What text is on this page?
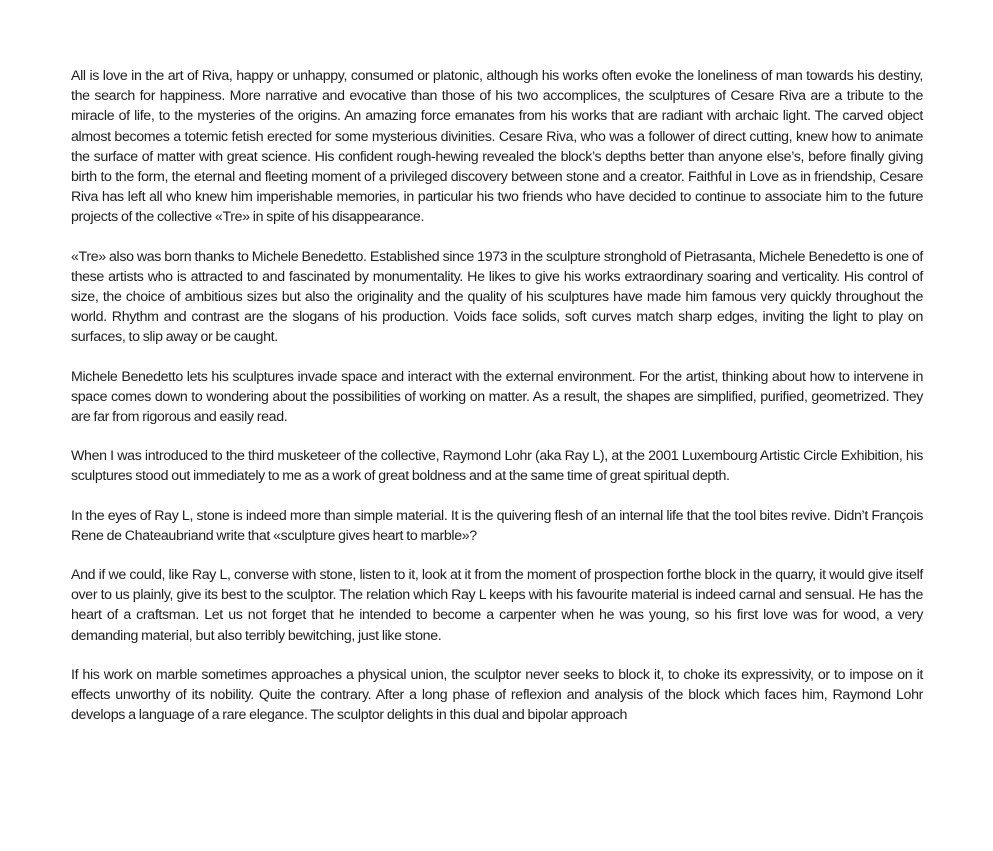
All is love in the art of Riva, happy or unhappy, consumed or platonic, although his works often evoke the loneliness of man towards his destiny, the search for happiness. More narrative and evocative than those of his two accomplices, the sculptures of Cesare Riva are a tribute to the miracle of life, to the mysteries of the origins. An amazing force emanates from his works that are radiant with archaic light. The carved object almost becomes a totemic fetish erected for some mysterious divinities. Cesare Riva, who was a follower of direct cutting, knew how to animate the surface of matter with great science. His confident rough-hewing revealed the block’s depths better than anyone else’s, before finally giving birth to the form, the eternal and fleeting moment of a privileged discovery between stone and a creator. Faithful in Love as in friendship, Cesare Riva has left all who knew him imperishable memories, in particular his two friends who have decided to continue to associate him to the future projects of the collective «Tre» in spite of his disappearance.

«Tre» also was born thanks to Michele Benedetto. Established since 1973 in the sculpture stronghold of Pietrasanta, Michele Benedetto is one of these artists who is attracted to and fascinated by monumentality. He likes to give his works extraordinary soaring and verticality. His control of size, the choice of ambitious sizes but also the originality and the quality of his sculptures have made him famous very quickly throughout the world. Rhythm and contrast are the slogans of his production. Voids face solids, soft curves match sharp edges, inviting the light to play on surfaces, to slip away or be caught.

Michele Benedetto lets his sculptures invade space and interact with the external environment. For the artist, thinking about how to intervene in space comes down to wondering about the possibilities of working on matter. As a result, the shapes are simplified, purified, geometrized. They are far from rigorous and easily read.

When I was introduced to the third musketeer of the collective, Raymond Lohr (aka Ray L), at the 2001 Luxembourg Artistic Circle Exhibition, his sculptures stood out immediately to me as a work of great boldness and at the same time of great spiritual depth.

In the eyes of Ray L, stone is indeed more than simple material. It is the quivering flesh of an internal life that the tool bites revive. Didn’t François Rene de Chateaubriand write that «sculpture gives heart to marble»?

And if we could, like Ray L, converse with stone, listen to it, look at it from the moment of prospection forthe block in the quarry, it would give itself over to us plainly, give its best to the sculptor. The relation which Ray L keeps with his favourite material is indeed carnal and sensual. He has the heart of a craftsman. Let us not forget that he intended to become a carpenter when he was young, so his first love was for wood, a very demanding material, but also terribly bewitching, just like stone.

If his work on marble sometimes approaches a physical union, the sculptor never seeks to block it, to choke its expressivity, or to impose on it effects unworthy of its nobility. Quite the contrary. After a long phase of reflexion and analysis of the block which faces him, Raymond Lohr develops a language of a rare elegance. The sculptor delights in this dual and bipolar approach
